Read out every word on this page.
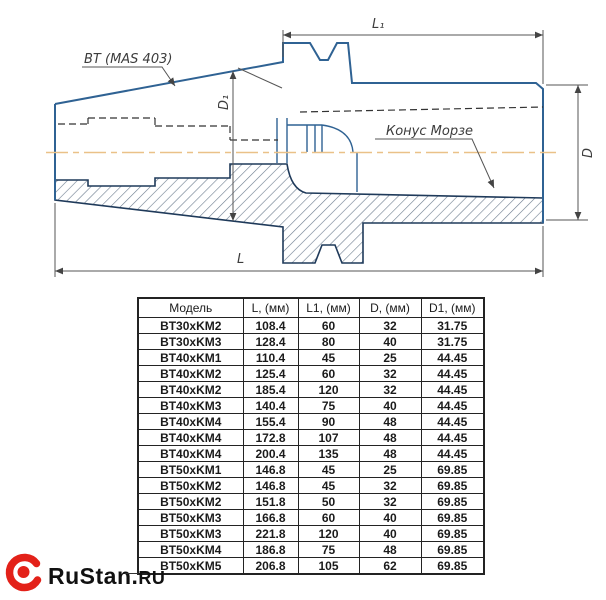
L₁
L
D
D₁
BT (MAS 403)
Конус Морзе
Модель	L, (мм)	L1, (мм)	D, (мм)	D1, (мм)
BT30xKM2	108.4	60	32	31.75
BT30xKM3	128.4	80	40	31.75
BT40xKM1	110.4	45	25	44.45
BT40xKM2	125.4	60	32	44.45
BT40xKM2	185.4	120	32	44.45
BT40xKM3	140.4	75	40	44.45
BT40xKM4	155.4	90	48	44.45
BT40xKM4	172.8	107	48	44.45
BT40xKM4	200.4	135	48	44.45
BT50xKM1	146.8	45	25	69.85
BT50xKM2	146.8	45	32	69.85
BT50xKM2	151.8	50	32	69.85
BT50xKM3	166.8	60	40	69.85
BT50xKM3	221.8	120	40	69.85
BT50xKM4	186.8	75	48	69.85
BT50xKM5	206.8	105	62	69.85
RuStan.RU
